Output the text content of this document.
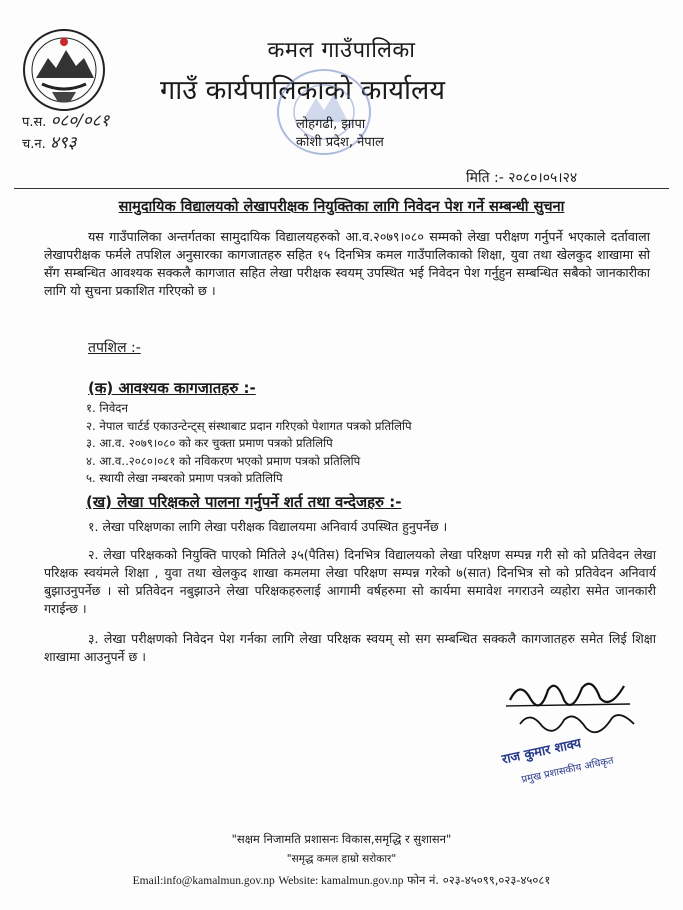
कमल गाउँपालिका
गाउँ कार्यपालिकाको कार्यालय
प.स. ०८०/०८१
च.न. ४९३
लोहगढी, झापा
कोशी प्रदेश, नेपाल
मिति :- २०८०।०५।२४
सामुदायिक विद्यालयको लेखापरीक्षक नियुक्तिका लागि निवेदन पेश गर्ने सम्बन्धी सुचना
यस गाउँपालिका अन्तर्गतका सामुदायिक विद्यालयहरुको आ.व.२०७९।०८० सम्मको लेखा परीक्षण गर्नुपर्ने भएकाले दर्तावाला लेखापरीक्षक फर्मले तपशिल अनुसारका कागजातहरु सहित १५ दिनभित्र कमल गाउँपालिकाको शिक्षा, युवा तथा खेलकुद शाखामा सो सँग सम्बन्धित आवश्यक सक्कलै कागजात सहित लेखा परीक्षक स्वयम् उपस्थित भई निवेदन पेश गर्नुहुन सम्बन्धित सबैको जानकारीका लागि यो सुचना प्रकाशित गरिएको छ ।
तपशिल :-
(क) आवश्यक कागजातहरु :-
१. निवेदन
२. नेपाल चार्टर्ड एकाउन्टेन्ट्स् संस्थाबाट प्रदान गरिएको पेशागत पत्रको प्रतिलिपि
३. आ.व. २०७९।०८० को कर चुक्ता प्रमाण पत्रको प्रतिलिपि
४. आ.व..२०८०।०८१ को नविकरण भएको प्रमाण पत्रको प्रतिलिपि
५. स्थायी लेखा नम्बरको प्रमाण पत्रको प्रतिलिपि
(ख) लेखा परिक्षकले पालना गर्नुपर्ने शर्त तथा वन्देजहरु :-
१. लेखा परिक्षणका लागि लेखा परीक्षक विद्यालयमा अनिवार्य उपस्थित हुनुपर्नेछ ।
२. लेखा परिक्षकको नियुक्ति पाएको मितिले ३५(पैतिस) दिनभित्र विद्यालयको लेखा परिक्षण सम्पन्न गरी सो को प्रतिवेदन लेखा परिक्षक स्वयंमले शिक्षा , युवा तथा खेलकुद शाखा कमलमा लेखा परिक्षण सम्पन्न गरेको ७(सात) दिनभित्र सो को प्रतिवेदन अनिवार्य बुझाउनुपर्नेछ । सो प्रतिवेदन नबुझाउने लेखा परिक्षकहरुलाई आगामी वर्षहरुमा सो कार्यमा समावेश नगराउने व्यहोरा समेत जानकारी गराईन्छ ।
३. लेखा परीक्षणको निवेदन पेश गर्नका लागि लेखा परिक्षक स्वयम् सो सग सम्बन्धित सक्कलै कागजातहरु समेत लिई शिक्षा शाखामा आउनुपर्ने छ ।
राज कुमार शाक्य
प्रमुख प्रशासकीय अधिकृत
"सक्षम निजामति प्रशासनः विकास,समृद्धि र सुशासन"
"समृद्ध कमल हाम्रो सरोकार"
Email:info@kamalmun.gov.np Website: kamalmun.gov.np फोन नं. ०२३-४५०९९,०२३-४५०८१
